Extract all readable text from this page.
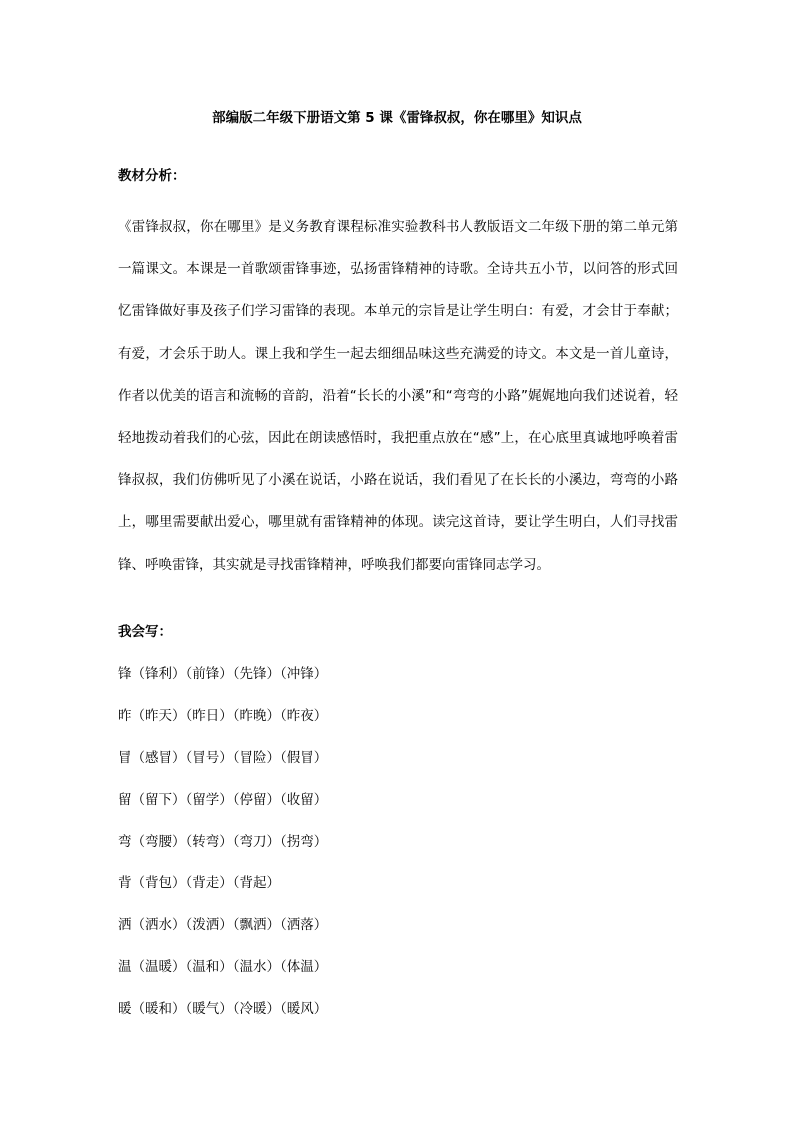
部编版二年级下册语文第 5 课《雷锋叔叔，你在哪里》知识点
教材分析：

《雷锋叔叔，你在哪里》是义务教育课程标准实验教科书人教版语文二年级下册的第二单元第一篇课文。本课是一首歌颂雷锋事迹，弘扬雷锋精神的诗歌。全诗共五小节，以问答的形式回忆雷锋做好事及孩子们学习雷锋的表现。本单元的宗旨是让学生明白：有爱，才会甘于奉献；有爱，才会乐于助人。课上我和学生一起去细细品味这些充满爱的诗文。本文是一首儿童诗，作者以优美的语言和流畅的音韵，沿着“长长的小溪”和“弯弯的小路”娓娓地向我们述说着，轻轻地拨动着我们的心弦，因此在朗读感悟时，我把重点放在“感”上，在心底里真诚地呼唤着雷锋叔叔，我们仿佛听见了小溪在说话，小路在说话，我们看见了在长长的小溪边，弯弯的小路上，哪里需要献出爱心，哪里就有雷锋精神的体现。读完这首诗，要让学生明白，人们寻找雷锋、呼唤雷锋，其实就是寻找雷锋精神，呼唤我们都要向雷锋同志学习。

我会写：
锋（锋利）（前锋）（先锋）（冲锋）
昨（昨天）（昨日）（昨晚）（昨夜）
冒（感冒）（冒号）（冒险）（假冒）
留（留下）（留学）（停留）（收留）
弯（弯腰）（转弯）（弯刀）（拐弯）
背（背包）（背走）（背起）
洒（洒水）（泼洒）（飘洒）（洒落）
温（温暖）（温和）（温水）（体温）
暖（暖和）（暖气）（冷暖）（暖风）
